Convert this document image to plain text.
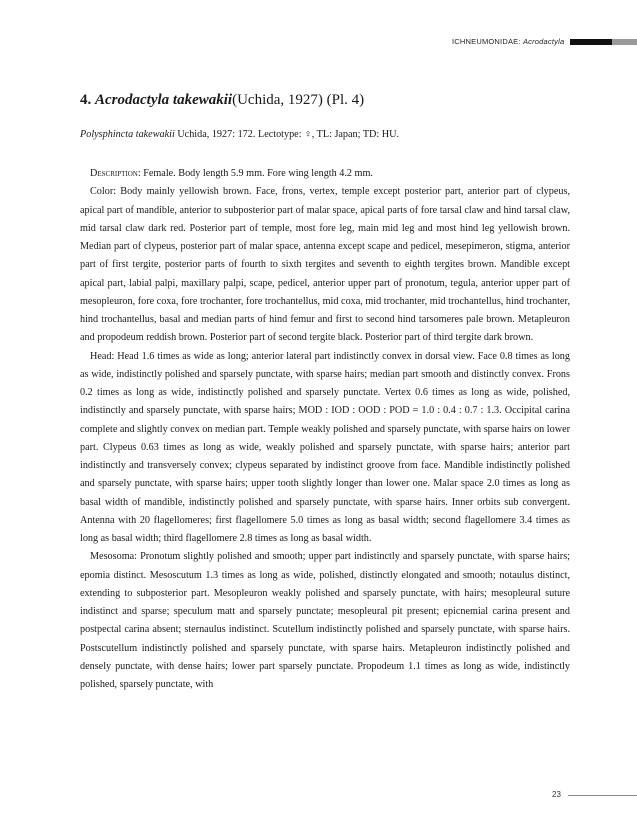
ICHNEUMONIDAE: Acrodactyla
4. Acrodactyla takewakii(Uchida, 1927) (Pl. 4)

Polysphincta takewakii Uchida, 1927: 172. Lectotype: ♀, TL: Japan; TD: HU.

Description: Female. Body length 5.9 mm. Fore wing length 4.2 mm.

Color: Body mainly yellowish brown. Face, frons, vertex, temple except posterior part, anterior part of clypeus, apical part of mandible, anterior to subposterior part of malar space, apical parts of fore tarsal claw and hind tarsal claw, mid tarsal claw dark red. Posterior part of temple, most fore leg, main mid leg and most hind leg yellowish brown. Median part of clypeus, posterior part of malar space, antenna except scape and pedicel, mesepimeron, stigma, anterior part of first tergite, posterior parts of fourth to sixth tergites and seventh to eighth tergites brown. Mandible except apical part, labial palpi, maxillary palpi, scape, pedicel, anterior upper part of pronotum, tegula, anterior upper part of mesopleuron, fore coxa, fore trochanter, fore trochantellus, mid coxa, mid trochanter, mid trochantellus, hind trochanter, hind trochantellus, basal and median parts of hind femur and first to second hind tarsomeres pale brown. Metapleuron and propodeum reddish brown. Posterior part of second tergite black. Posterior part of third tergite dark brown.

Head: Head 1.6 times as wide as long; anterior lateral part indistinctly convex in dorsal view. Face 0.8 times as long as wide, indistinctly polished and sparsely punctate, with sparse hairs; median part smooth and distinctly convex. Frons 0.2 times as long as wide, indistinctly polished and sparsely punctate. Vertex 0.6 times as long as wide, polished, indistinctly and sparsely punctate, with sparse hairs; MOD : IOD : OOD : POD = 1.0 : 0.4 : 0.7 : 1.3. Occipital carina complete and slightly convex on median part. Temple weakly polished and sparsely punctate, with sparse hairs on lower part. Clypeus 0.63 times as long as wide, weakly polished and sparsely punctate, with sparse hairs; anterior part indistinctly and transversely convex; clypeus separated by indistinct groove from face. Mandible indistinctly polished and sparsely punctate, with sparse hairs; upper tooth slightly longer than lower one. Malar space 2.0 times as long as basal width of mandible, indistinctly polished and sparsely punctate, with sparse hairs. Inner orbits sub convergent. Antenna with 20 flagellomeres; first flagellomere 5.0 times as long as basal width; second flagellomere 3.4 times as long as basal width; third flagellomere 2.8 times as long as basal width.

Mesosoma: Pronotum slightly polished and smooth; upper part indistinctly and sparsely punctate, with sparse hairs; epomia distinct. Mesoscutum 1.3 times as long as wide, polished, distinctly elongated and smooth; notaulus distinct, extending to subposterior part. Mesopleuron weakly polished and sparsely punctate, with hairs; mesopleural suture indistinct and sparse; speculum matt and sparsely punctate; mesopleural pit present; epicnemial carina present and postpectal carina absent; sternaulus indistinct. Scutellum indistinctly polished and sparsely punctate, with sparse hairs. Postscutellum indistinctly polished and sparsely punctate, with sparse hairs. Metapleuron indistinctly polished and densely punctate, with dense hairs; lower part sparsely punctate. Propodeum 1.1 times as long as wide, indistinctly polished, sparsely punctate, with

23
